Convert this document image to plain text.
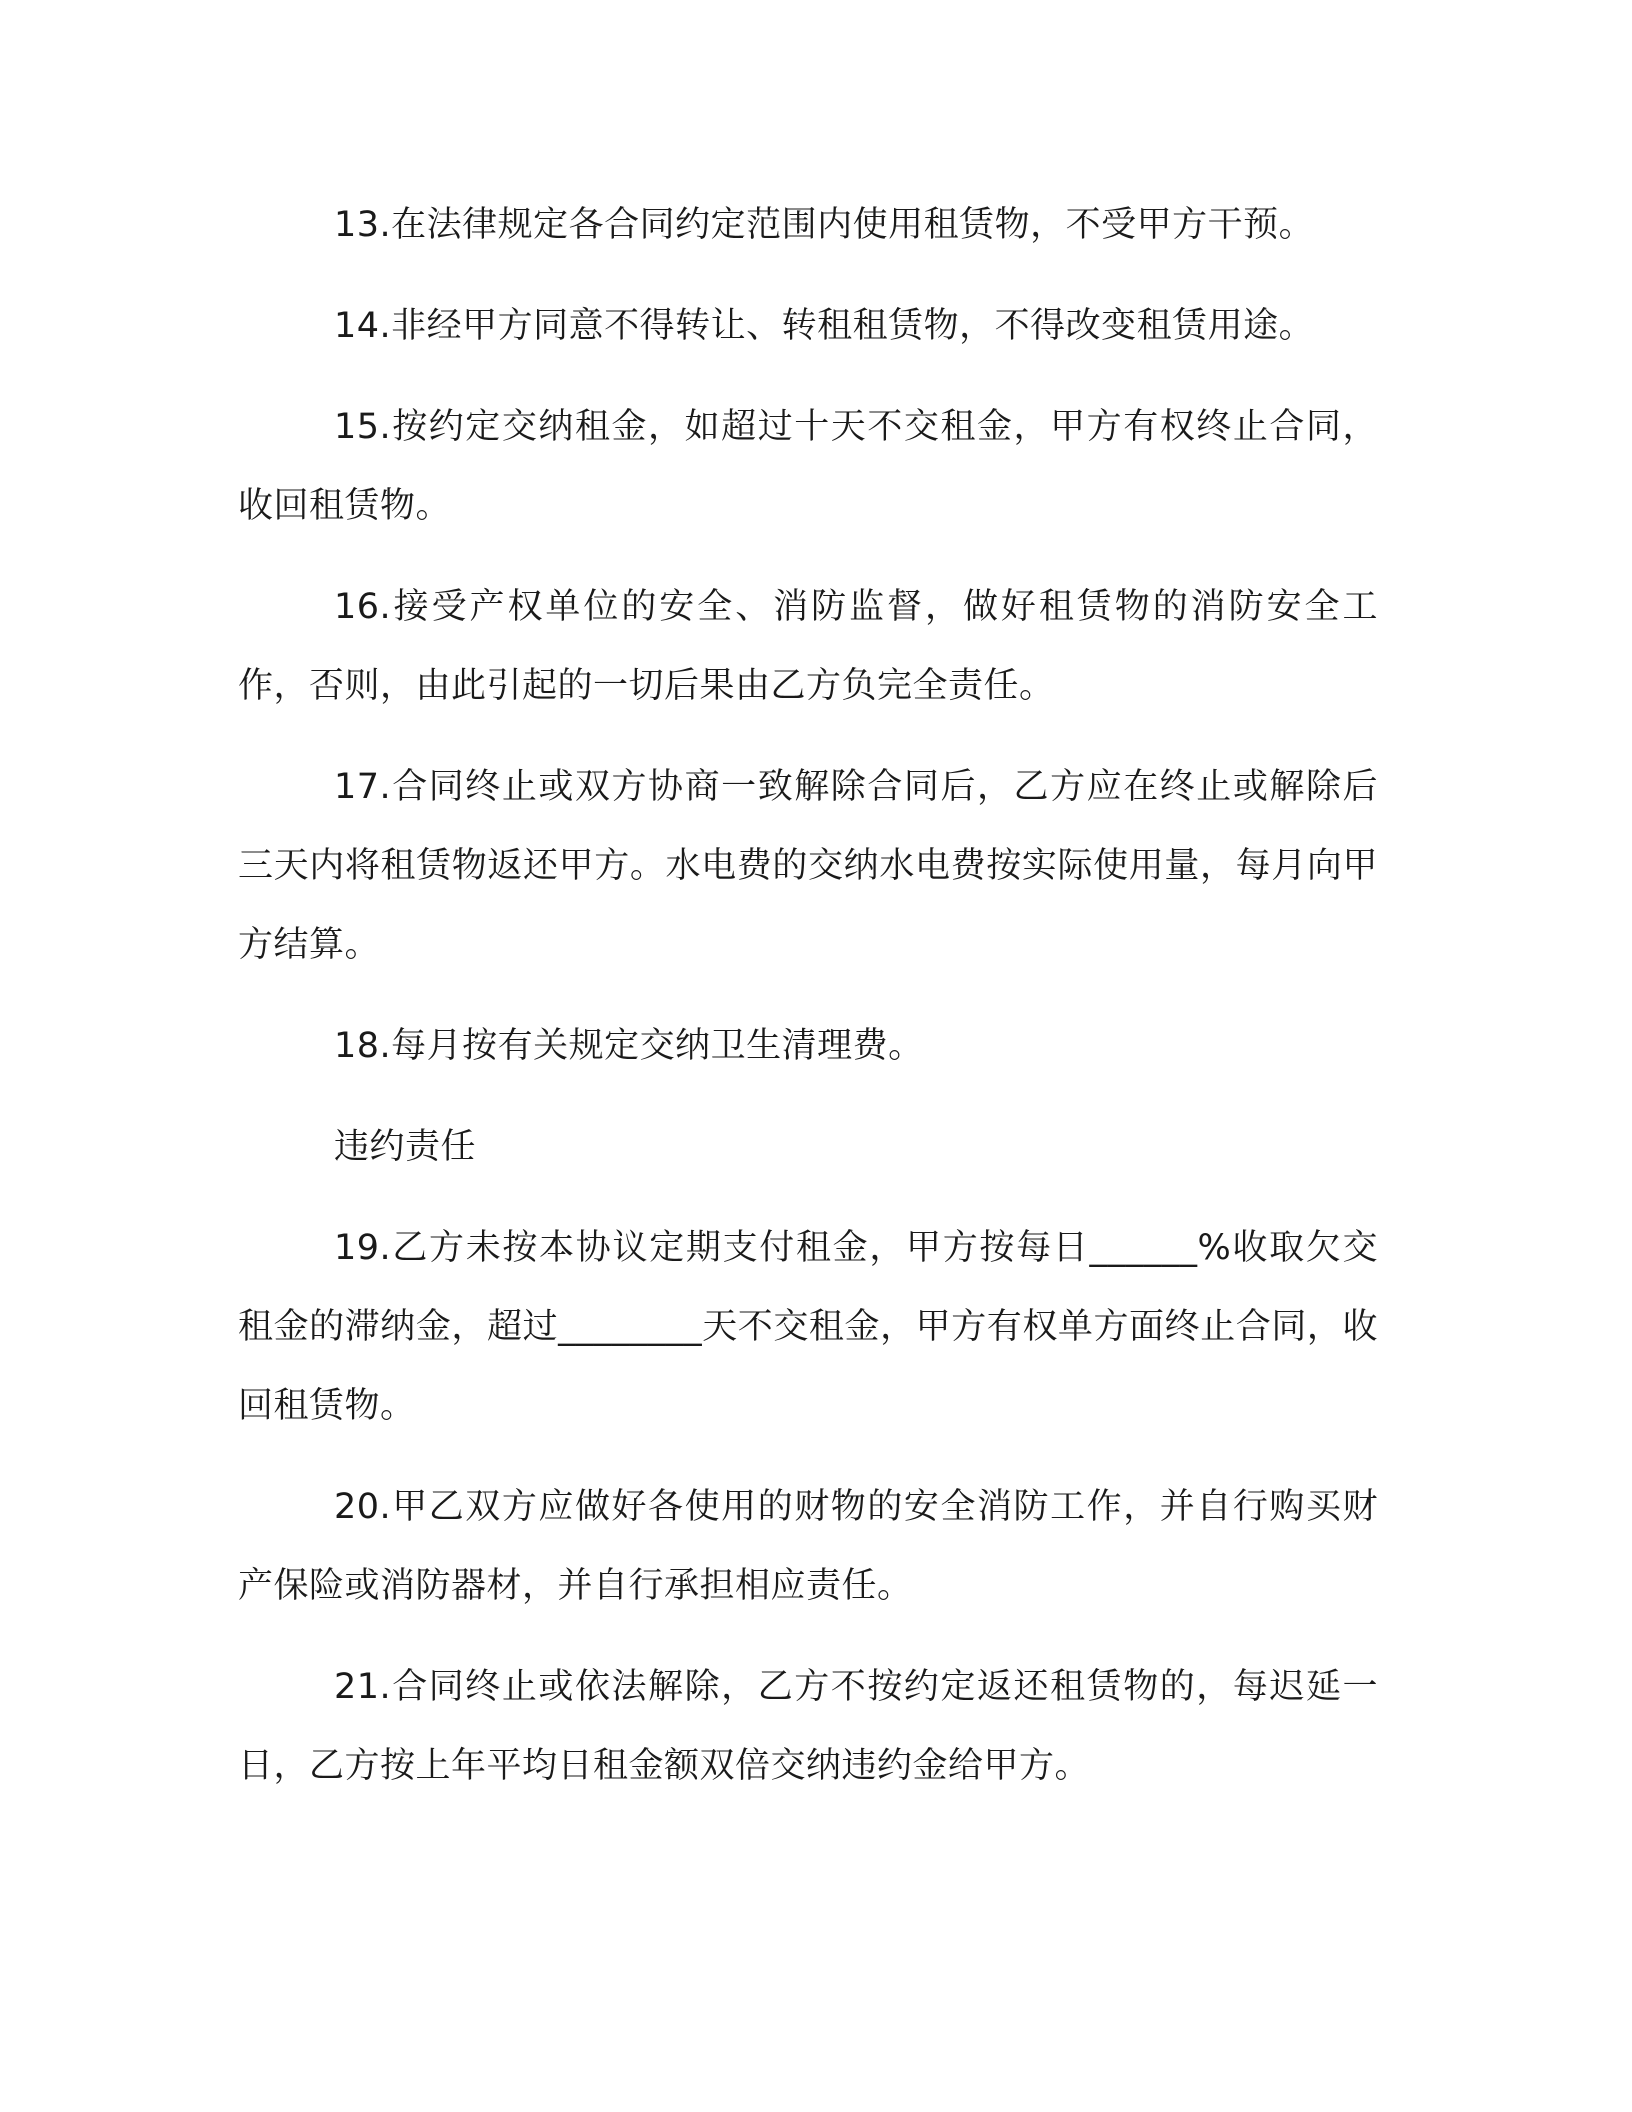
13.在法律规定各合同约定范围内使用租赁物，不受甲方干预。

14.非经甲方同意不得转让、转租租赁物，不得改变租赁用途。

15.按约定交纳租金，如超过十天不交租金，甲方有权终止合同，收回租赁物。

16.接受产权单位的安全、消防监督，做好租赁物的消防安全工作，否则，由此引起的一切后果由乙方负完全责任。

17.合同终止或双方协商一致解除合同后，乙方应在终止或解除后三天内将租赁物返还甲方。水电费的交纳水电费按实际使用量，每月向甲方结算。

18.每月按有关规定交纳卫生清理费。

违约责任

19.乙方未按本协议定期支付租金，甲方按每日______%收取欠交租金的滞纳金，超过________天不交租金，甲方有权单方面终止合同，收回租赁物。

20.甲乙双方应做好各使用的财物的安全消防工作，并自行购买财产保险或消防器材，并自行承担相应责任。

21.合同终止或依法解除，乙方不按约定返还租赁物的，每迟延一日，乙方按上年平均日租金额双倍交纳违约金给甲方。
